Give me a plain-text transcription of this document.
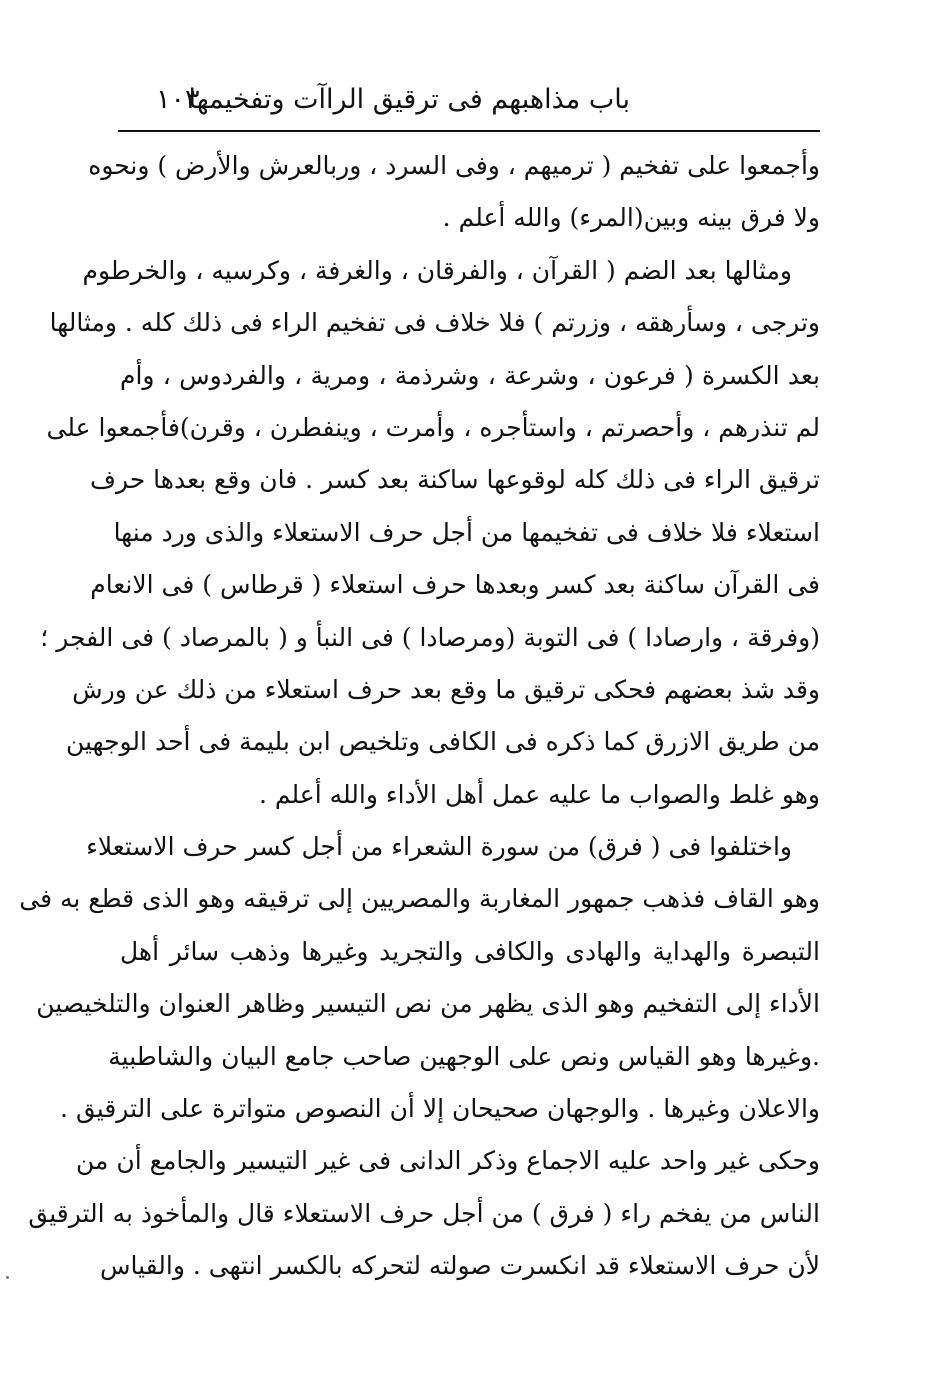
باب مذاهبهم فى ترقيق الراآت وتفخيمها
١٠٣
وأجمعوا على تفخيم ( ترميهم ، وفى السرد ، وربالعرش والأرض ) ونحوه
ولا فرق بينه وبين(المرء) والله أعلم .
ومثالها بعد الضم ( القرآن ، والفرقان ، والغرفة ، وكرسيه ، والخرطوم
وترجى ، وسأرهقه ، وزرتم ) فلا خلاف فى تفخيم الراء فى ذلك كله . ومثالها
بعد الكسرة ( فرعون ، وشرعة ، وشرذمة ، ومرية ، والفردوس ، وأم
لم تنذرهم ، وأحصرتم ، واستأجره ، وأمرت ، وينفطرن ، وقرن)فأجمعوا على
ترقيق الراء فى ذلك كله لوقوعها ساكنة بعد كسر . فان وقع بعدها حرف
استعلاء فلا خلاف فى تفخيمها من أجل حرف الاستعلاء والذى ورد منها
فى القرآن ساكنة بعد كسر وبعدها حرف استعلاء ( قرطاس ) فى الانعام
(وفرقة ، وارصادا ) فى التوبة (ومرصادا ) فى النبأ و ( بالمرصاد ) فى الفجر ؛
وقد شذ بعضهم فحكى ترقيق ما وقع بعد حرف استعلاء من ذلك عن ورش
من طريق الازرق كما ذكره فى الكافى وتلخيص ابن بليمة فى أحد الوجهين
وهو غلط والصواب ما عليه عمل أهل الأداء والله أعلم .
واختلفوا فى ( فرق) من سورة الشعراء من أجل كسر حرف الاستعلاء
وهو القاف فذهب جمهور المغاربة والمصريين إلى ترقيقه وهو الذى قطع به فى
التبصرة والهداية والهادى والكافى والتجريد وغيرها وذهب سائر أهل
الأداء إلى التفخيم وهو الذى يظهر من نص التيسير وظاهر العنوان والتلخيصين
.وغيرها وهو القياس ونص على الوجهين صاحب جامع البيان والشاطبية
والاعلان وغيرها . والوجهان صحيحان إلا أن النصوص متواترة على الترقيق .
وحكى غير واحد عليه الاجماع وذكر الدانى فى غير التيسير والجامع أن من
الناس من يفخم راء ( فرق ) من أجل حرف الاستعلاء قال والمأخوذ به الترقيق
لأن حرف الاستعلاء قد انكسرت صولته لتحركه بالكسر انتهى . والقياس
